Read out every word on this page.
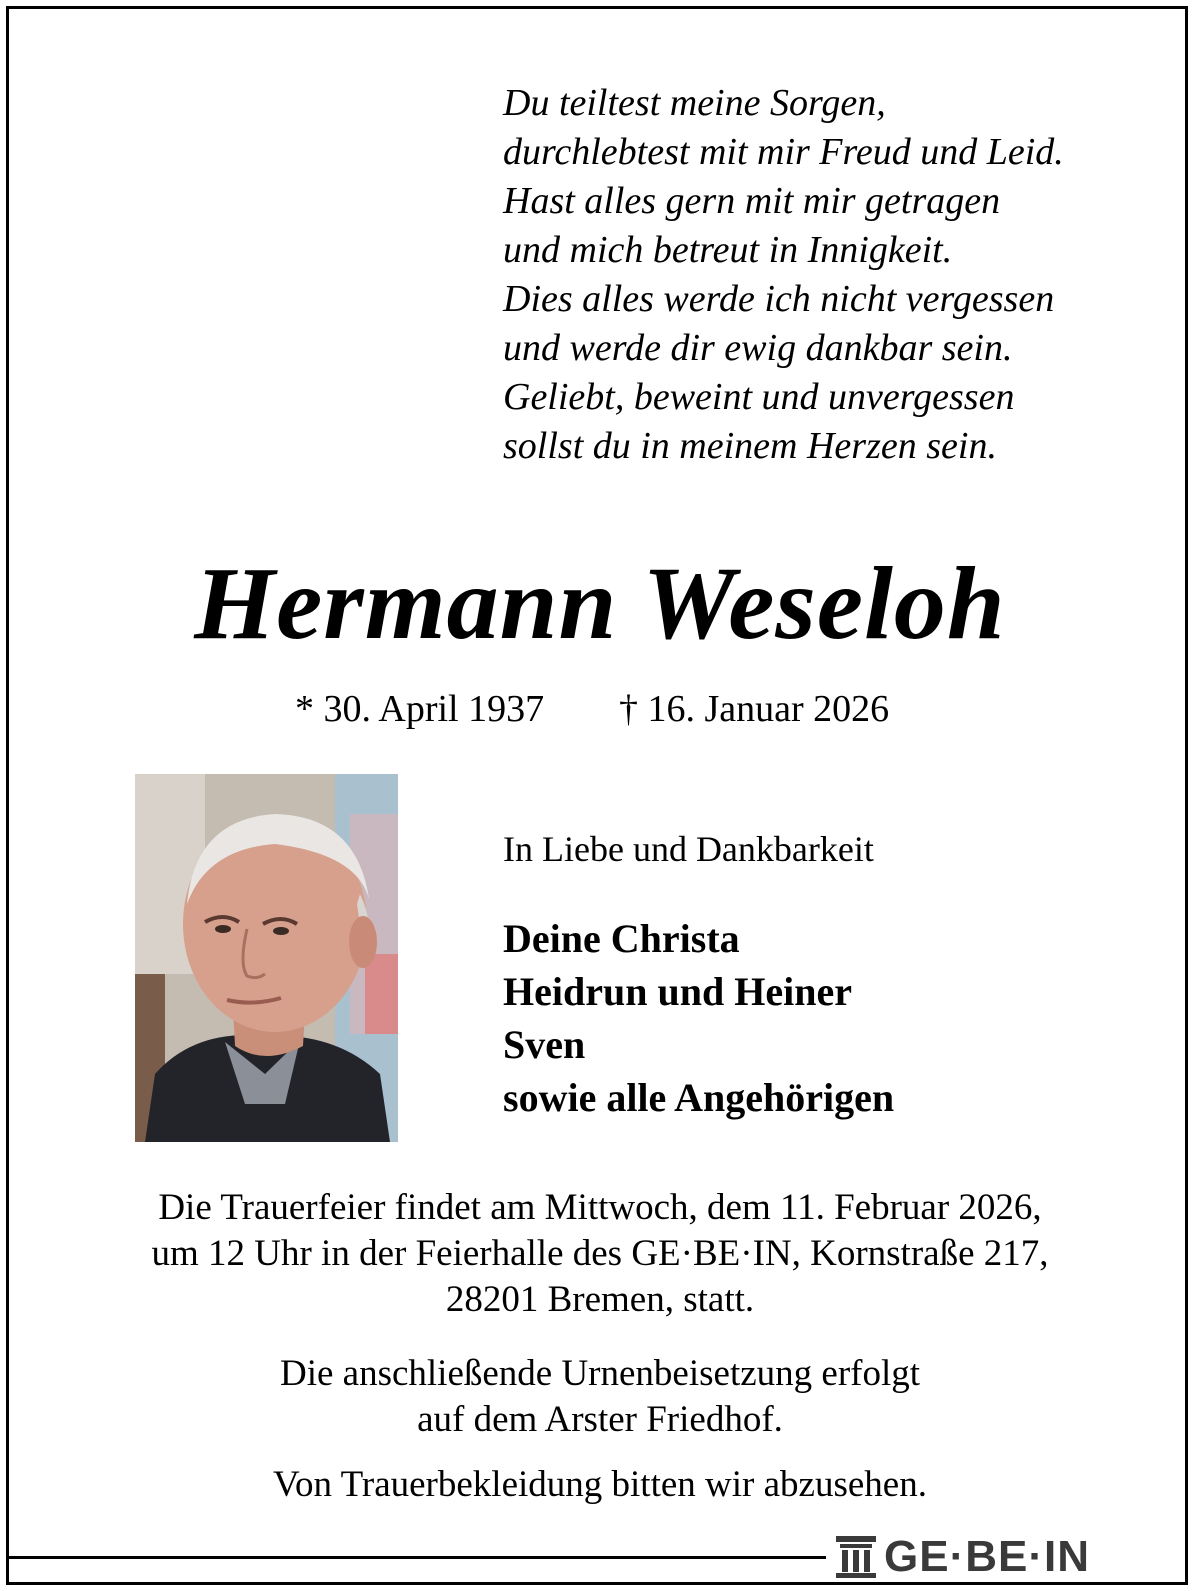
Du teiltest meine Sorgen,
durchlebtest mit mir Freud und Leid.
Hast alles gern mit mir getragen
und mich betreut in Innigkeit.
Dies alles werde ich nicht vergessen
und werde dir ewig dankbar sein.
Geliebt, beweint und unvergessen
sollst du in meinem Herzen sein.
Hermann Weseloh
* 30. April 1937 † 16. Januar 2026
In Liebe und Dankbarkeit
Deine Christa
Heidrun und Heiner
Sven
sowie alle Angehörigen
Die Trauerfeier findet am Mittwoch, dem 11. Februar 2026,
um 12 Uhr in der Feierhalle des GE·BE·IN, Kornstraße 217,
28201 Bremen, statt.
Die anschließende Urnenbeisetzung erfolgt
auf dem Arster Friedhof.
Von Trauerbekleidung bitten wir abzusehen.
GE·BE·IN
